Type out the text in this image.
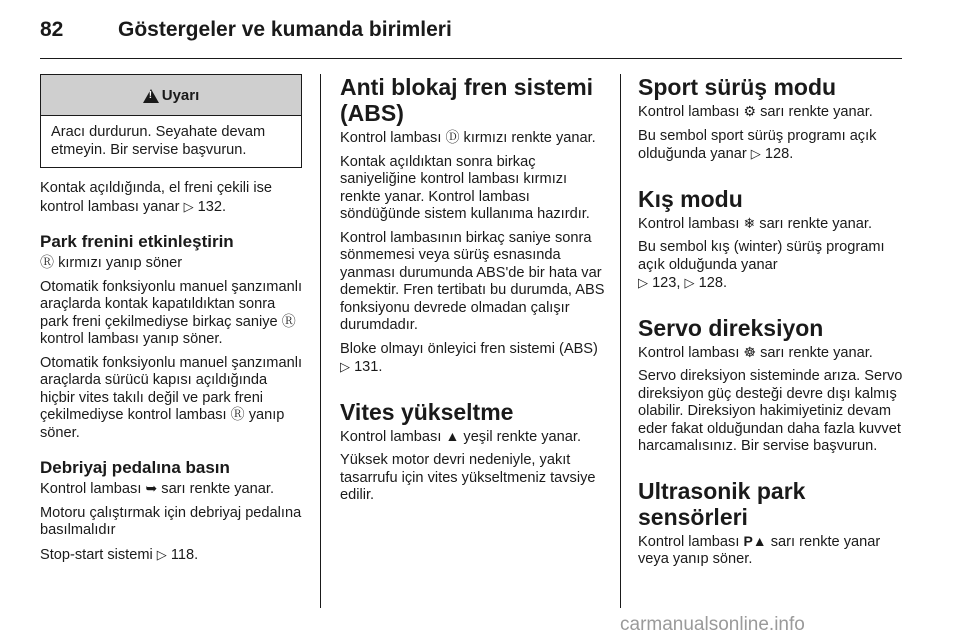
82	Göstergeler ve kumanda birimleri
!
Uyarı
Aracı durdurun. Seyahate devam etmeyin. Bir servise başvurun.

Kontak açıldığında, el freni çekili ise kontrol lambası yanar ▷ 132.

Park frenini etkinleştirin

Ⓡ kırmızı yanıp söner

Otomatik fonksiyonlu manuel şanzımanlı araçlarda kontak kapatıldıktan sonra park freni çekilmediyse birkaç saniye Ⓡ kontrol lambası yanıp söner.

Otomatik fonksiyonlu manuel şanzımanlı araçlarda sürücü kapısı açıldığında hiçbir vites takılı değil ve park freni çekilmediyse kontrol lambası Ⓡ yanıp söner.

Debriyaj pedalına basın

Kontrol lambası ➥ sarı renkte yanar.

Motoru çalıştırmak için debriyaj pedalına basılmalıdır

Stop-start sistemi ▷ 118.

Anti blokaj fren sistemi (ABS)

Kontrol lambası Ⓓ kırmızı renkte yanar.

Kontak açıldıktan sonra birkaç saniyeliğine kontrol lambası kırmızı renkte yanar. Kontrol lambası söndüğünde sistem kullanıma hazırdır.

Kontrol lambasının birkaç saniye sonra sönmemesi veya sürüş esnasında yanması durumunda ABS'de bir hata var demektir. Fren tertibatı bu durumda, ABS fonksiyonu devrede olmadan çalışır durumdadır.

Bloke olmayı önleyici fren sistemi (ABS) ▷ 131.

Vites yükseltme

Kontrol lambası ▲ yeşil renkte yanar.

Yüksek motor devri nedeniyle, yakıt tasarrufu için vites yükseltmeniz tavsiye edilir.

Sport sürüş modu

Kontrol lambası ⚙ sarı renkte yanar.

Bu sembol sport sürüş programı açık olduğunda yanar ▷ 128.

Kış modu

Kontrol lambası ❄ sarı renkte yanar.

Bu sembol kış (winter) sürüş programı açık olduğunda yanar
▷ 123, ▷ 128.

Servo direksiyon

Kontrol lambası ☸ sarı renkte yanar.

Servo direksiyon sisteminde arıza. Servo direksiyon güç desteği devre dışı kalmış olabilir. Direksiyon hakimiyetiniz devam eder fakat olduğundan daha fazla kuvvet harcamalısınız. Bir servise başvurun.

Ultrasonik park sensörleri

Kontrol lambası P▲ sarı renkte yanar veya yanıp söner.

carmanualsonline.info
